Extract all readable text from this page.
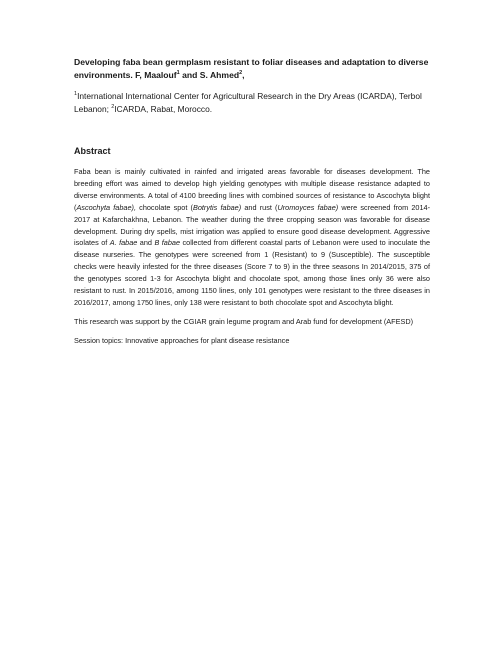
Developing faba bean germplasm resistant to foliar diseases and adaptation to diverse
environments. F, Maalouf$^1$ and S. Ahmed$^2$,

$^1$International International Center for Agricultural Research in the Dry Areas (ICARDA), Terbol Lebanon; $^2$ICARDA, Rabat, Morocco.

Abstract

Faba bean is mainly cultivated in rainfed and irrigated areas favorable for diseases development. The breeding effort was aimed to develop high yielding genotypes with multiple disease resistance adapted to diverse environments. A total of 4100 breeding lines with combined sources of resistance to Ascochyta blight (Ascochyta fabae), chocolate spot (Botrytis fabae) and rust (Uromoyces fabae) were screened from 2014-2017 at Kafarchakhna, Lebanon. The weather during the three cropping season was favorable for disease development. During dry spells, mist irrigation was applied to ensure good disease development. Aggressive isolates of A. fabae and B fabae collected from different coastal parts of Lebanon were used to inoculate the disease nurseries. The genotypes were screened from 1 (Resistant) to 9 (Susceptible). The susceptible checks were heavily infested for the three diseases (Score 7 to 9) in the three seasons In 2014/2015, 375 of the genotypes scored 1-3 for Ascochyta blight and chocolate spot, among those lines only 36 were also resistant to rust. In 2015/2016, among 1150 lines, only 101 genotypes were resistant to the three diseases in 2016/2017, among 1750 lines, only 138 were resistant to both chocolate spot and Ascochyta blight.

This research was support by the CGIAR grain legume program and Arab fund for development (AFESD)

Session topics: Innovative approaches for plant disease resistance
